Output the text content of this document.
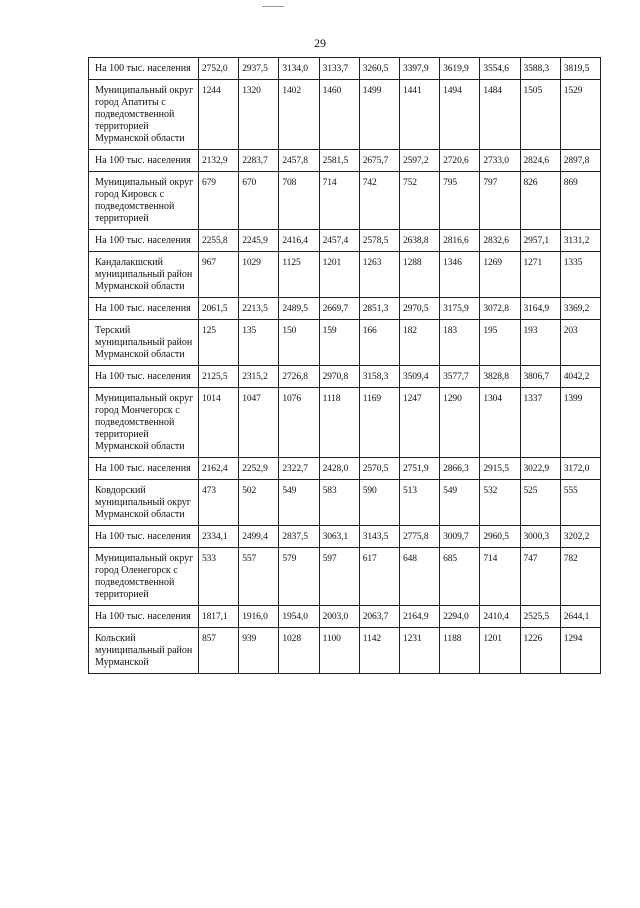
29
На 100 тыс. населения	2752,0	2937,5	3134,0	3133,7	3260,5	3397,9	3619,9	3554,6	3588,3	3819,5
Муниципальный округ город Апатиты с подведомственной территорией Мурманской области	1244	1320	1402	1460	1499	1441	1494	1484	1505	1529
На 100 тыс. населения	2132,9	2283,7	2457,8	2581,5	2675,7	2597,2	2720,6	2733,0	2824,6	2897,8
Муниципальный округ город Кировск с подведомственной территорией	679	670	708	714	742	752	795	797	826	869
На 100 тыс. населения	2255,8	2245,9	2416,4	2457,4	2578,5	2638,8	2816,6	2832,6	2957,1	3131,2
Кандалакшский муниципальный район Мурманской области	967	1029	1125	1201	1263	1288	1346	1269	1271	1335
На 100 тыс. населения	2061,5	2213,5	2489,5	2669,7	2851,3	2970,5	3175,9	3072,8	3164,9	3369,2
Терский муниципальный район Мурманской области	125	135	150	159	166	182	183	195	193	203
На 100 тыс. населения	2125,5	2315,2	2726,8	2970,8	3158,3	3509,4	3577,7	3828,8	3806,7	4042,2
Муниципальный округ город Мончегорск с подведомственной территорией Мурманской области	1014	1047	1076	1118	1169	1247	1290	1304	1337	1399
На 100 тыс. населения	2162,4	2252,9	2322,7	2428,0	2570,5	2751,9	2866,3	2915,5	3022,9	3172,0
Ковдорский муниципальный округ Мурманской области	473	502	549	583	590	513	549	532	525	555
На 100 тыс. населения	2334,1	2499,4	2837,5	3063,1	3143,5	2775,8	3009,7	2960,5	3000,3	3202,2
Муниципальный округ город Оленегорск с подведомственной территорией	533	557	579	597	617	648	685	714	747	782
На 100 тыс. населения	1817,1	1916,0	1954,0	2003,0	2063,7	2164,9	2294,0	2410,4	2525,5	2644,1
Кольский муниципальный район Мурманской	857	939	1028	1100	1142	1231	1188	1201	1226	1294
